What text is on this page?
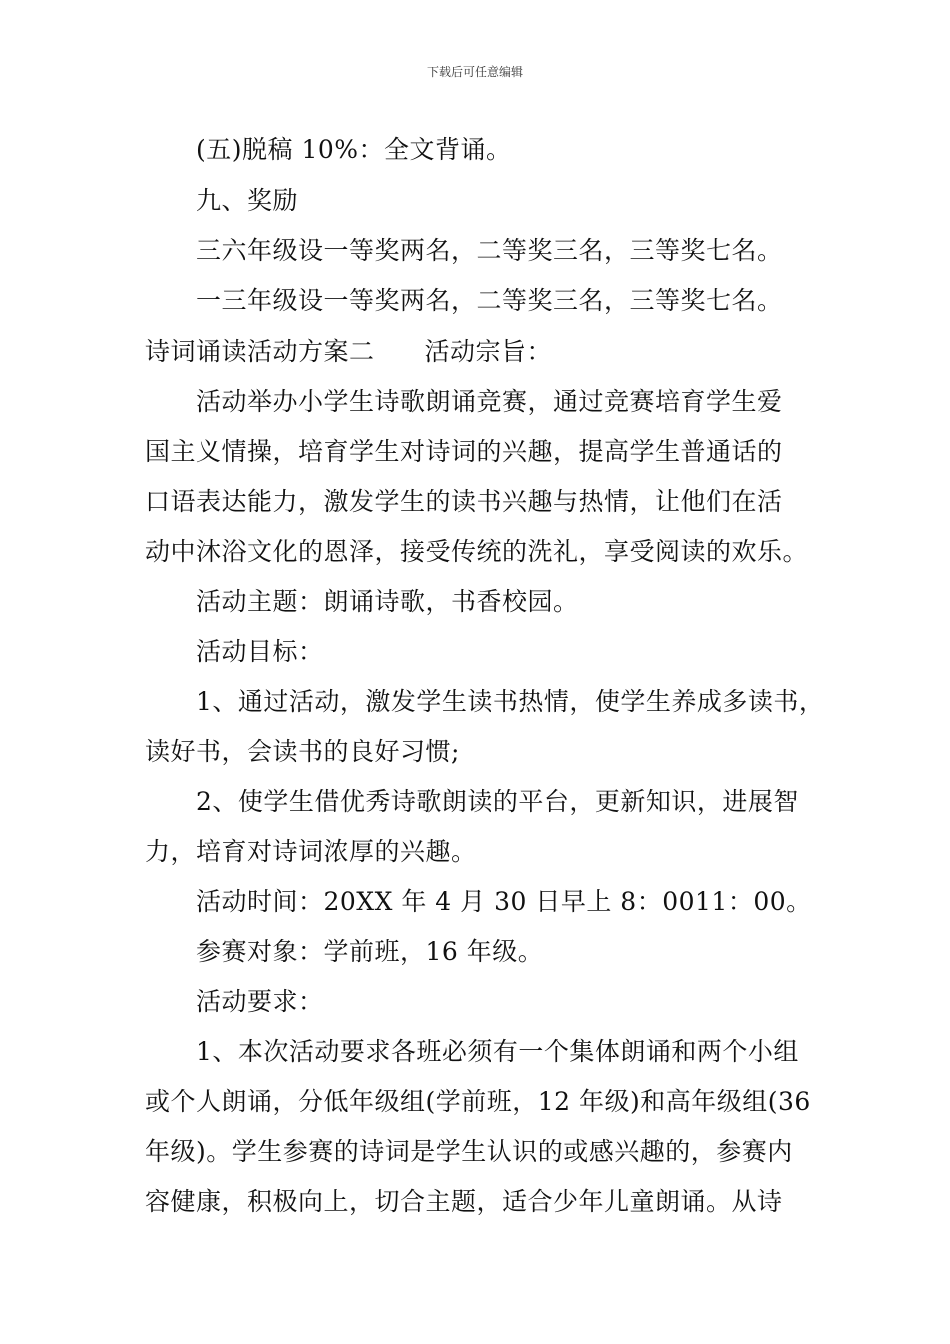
下载后可任意编辑
(五)脱稿 10%：全文背诵。
九、奖励
三六年级设一等奖两名，二等奖三名，三等奖七名。
一三年级设一等奖两名，二等奖三名，三等奖七名。
诗词诵读活动方案二 活动宗旨：
活动举办小学生诗歌朗诵竞赛，通过竞赛培育学生爱
国主义情操，培育学生对诗词的兴趣，提高学生普通话的
口语表达能力，激发学生的读书兴趣与热情，让他们在活
动中沐浴文化的恩泽，接受传统的洗礼，享受阅读的欢乐。
活动主题：朗诵诗歌，书香校园。
活动目标：
1、通过活动，激发学生读书热情，使学生养成多读书，
读好书，会读书的良好习惯;
2、使学生借优秀诗歌朗读的平台，更新知识，进展智
力，培育对诗词浓厚的兴趣。
活动时间：20XX 年 4 月 30 日早上 8：0011：00。
参赛对象：学前班，16 年级。
活动要求：
1、本次活动要求各班必须有一个集体朗诵和两个小组
或个人朗诵，分低年级组(学前班，12 年级)和高年级组(36
年级)。学生参赛的诗词是学生认识的或感兴趣的，参赛内
容健康，积极向上，切合主题，适合少年儿童朗诵。从诗
